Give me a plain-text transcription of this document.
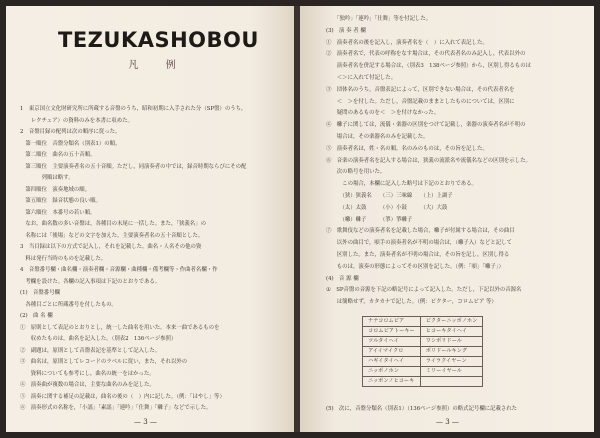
TEZUKASHOBOU
凡 例
1　東京国立文化財研究所に所蔵する音盤のうち，昭和初期に入手された分（SP盤）のうち，
　　レクチュア）の資料のみを本書に収めた。
2　音盤目録の配列は次の順序に従った。
　第一順位　音盤分類名（別表1）の順。
　第二順位　曲名の五十音順。
　第三順位　主要演奏者名の五十音順。ただし，同演奏者の中では，録音時期ならびにその配
　　　　列順は略す。
　第四順位　演奏地域の順。
　第五順位　録音状態の良い順。
　第六順位　本番号の若い順。
　なお，曲名数の多い音盤は，各種目の末尾に一括した。また，「狭義名」の
　名称には「後場」などの文字を加えた。主要演奏者名の五十音順とした。
3　当目録は以下の方式で記入し，それを記載した。曲名・人名その他の資
　料は発行当時のものを記載した。
4　音盤番号欄・曲名欄・演奏者欄・音源欄・曲種欄・備考欄等・作曲者名欄・作
　考欄を設けた。各欄の記入事項は下記のとおりである。
(1)　音盤番号欄
　各種目ごとに所蔵番号を付したもの。
(2)　曲 名 欄
①　原則として表記のとおりとし，統一した曲名を用いた。本来一曲であるものを
　　収めたものは，曲名を記入した。（別表2　136ページ参照）
②　副題は，原則として音盤表記を基準として記入した。
③　曲名は，原則としてレコードのラベルに従い，また，それ以外の
　　資料についても参考にし，曲名の統一をはかった。
④　演奏曲が複数の場合は，主要な曲名のみを記した。
⑤　演奏に関する補足の記載は，曲名の後の（　）内に記した。（例：「はやし」等）
⑥　演奏形式の名称を，「小謡」「素謡」「連吟」「仕舞」「囃子」などで示した。
— 3 —
　　「独吟」「連吟」「仕舞」等を付記した。
(3)　演 奏 者 欄
①　演奏者名の後を記入し，演奏者名を（　）に入れて表記した。
②　演奏者名で，代表の呼称をなす場合は，その代表者名のみ記入し，代表以外の
　　演奏者名を併記する場合は，（別表3　138ページ参照）から，区別し得るものは
　　＜＞に入れて付記した。
③　団体名のうち，音盤表記によって，区別できない場合は，その代表者名を
　　＜　＞を付した。ただし，音盤記載のままとしたものについては，区別に
　　疑問のあるものを＜　＞を付けなかった。
④　囃子に関しては，流儀・楽器の区別をつけて記載し，楽器の演奏者名が不明の
　　場合は，その楽器名のみを記載した。
⑤　演奏者名は，姓・名の順。名のみのものは，その旨を記した。
⑥　音楽の演奏者名を記入する場合は，狭義の流派名や流儀名などの区別を示した。
　　次の略号を用いた。
　　　この場合，本欄に記入した略号は下記のとおりである。
　　　（狭）狭義名　　（三）三味線　　（上）上調子
　　　（太）太鼓　　　（小）小鼓　　　（大）大鼓
　　　（囃）囃子　　　（箏）箏囃子
⑦　歌舞伎などの演奏者名を記載した場合，囃子が付属する場合は，その曲目
　　以外の曲目で，唄手の演奏者名が不明の場合は，（囃子入）などと記して
　　区別した。また，演奏者名が不明の場合は，その旨を記し，区別し得る
　　ものは，演奏の形態によってその区別を記した。（例：「唄」「囃子」）
(4)　音 源 欄
①　SP音盤の音源を下記の略記号によって記入した。ただし，下記以外の音源名
　　は簡略せず，カタカナで記した。（例：ビクター，コロムビア 等）
ナナコロムビア	ビクターニッポノホン
コロムビアトーキー	ヒコーキタイヘイ
ツルタイヘイ	ワシポリドール
アイイマイクロ	ポリドールキング
ハギイタイヘイ	ライラクイヤーン
ニッポノホン	ミリーイヤール
ニッポンノヒコーキ	
(5)　次に，音盤分類名（別表1）（136ページ参照）の略式記号欄に記載された
— 3 —
